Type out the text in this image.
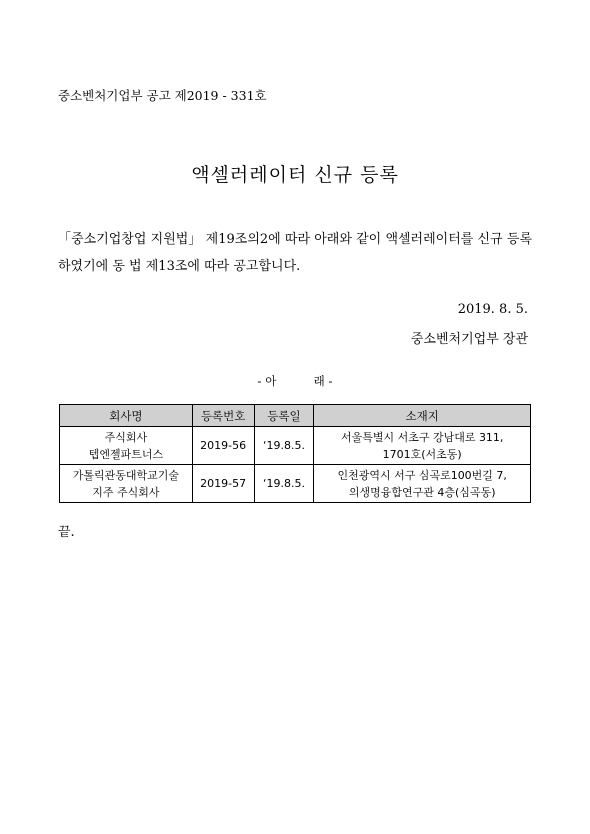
중소벤처기업부 공고 제2019 - 331호
액셀러레이터 신규 등록
「중소기업창업 지원법」 제19조의2에 따라 아래와 같이 액셀러레이터를 신규 등록하였기에 동 법 제13조에 따라 공고합니다.
2019. 8. 5.
중소벤처기업부 장관
- 아	래 -
회사명	등록번호	등록일	소재지

주식회사
텝엔젤파트너스	2019-56	‘19.8.5.	서울특별시 서초구 강남대로 311,
1701호(서초동)

가톨릭관동대학교기술
지주 주식회사	2019-57	‘19.8.5.	인천광역시 서구 심곡로100번길 7,
의생명융합연구관 4층(심곡동)
끝.
